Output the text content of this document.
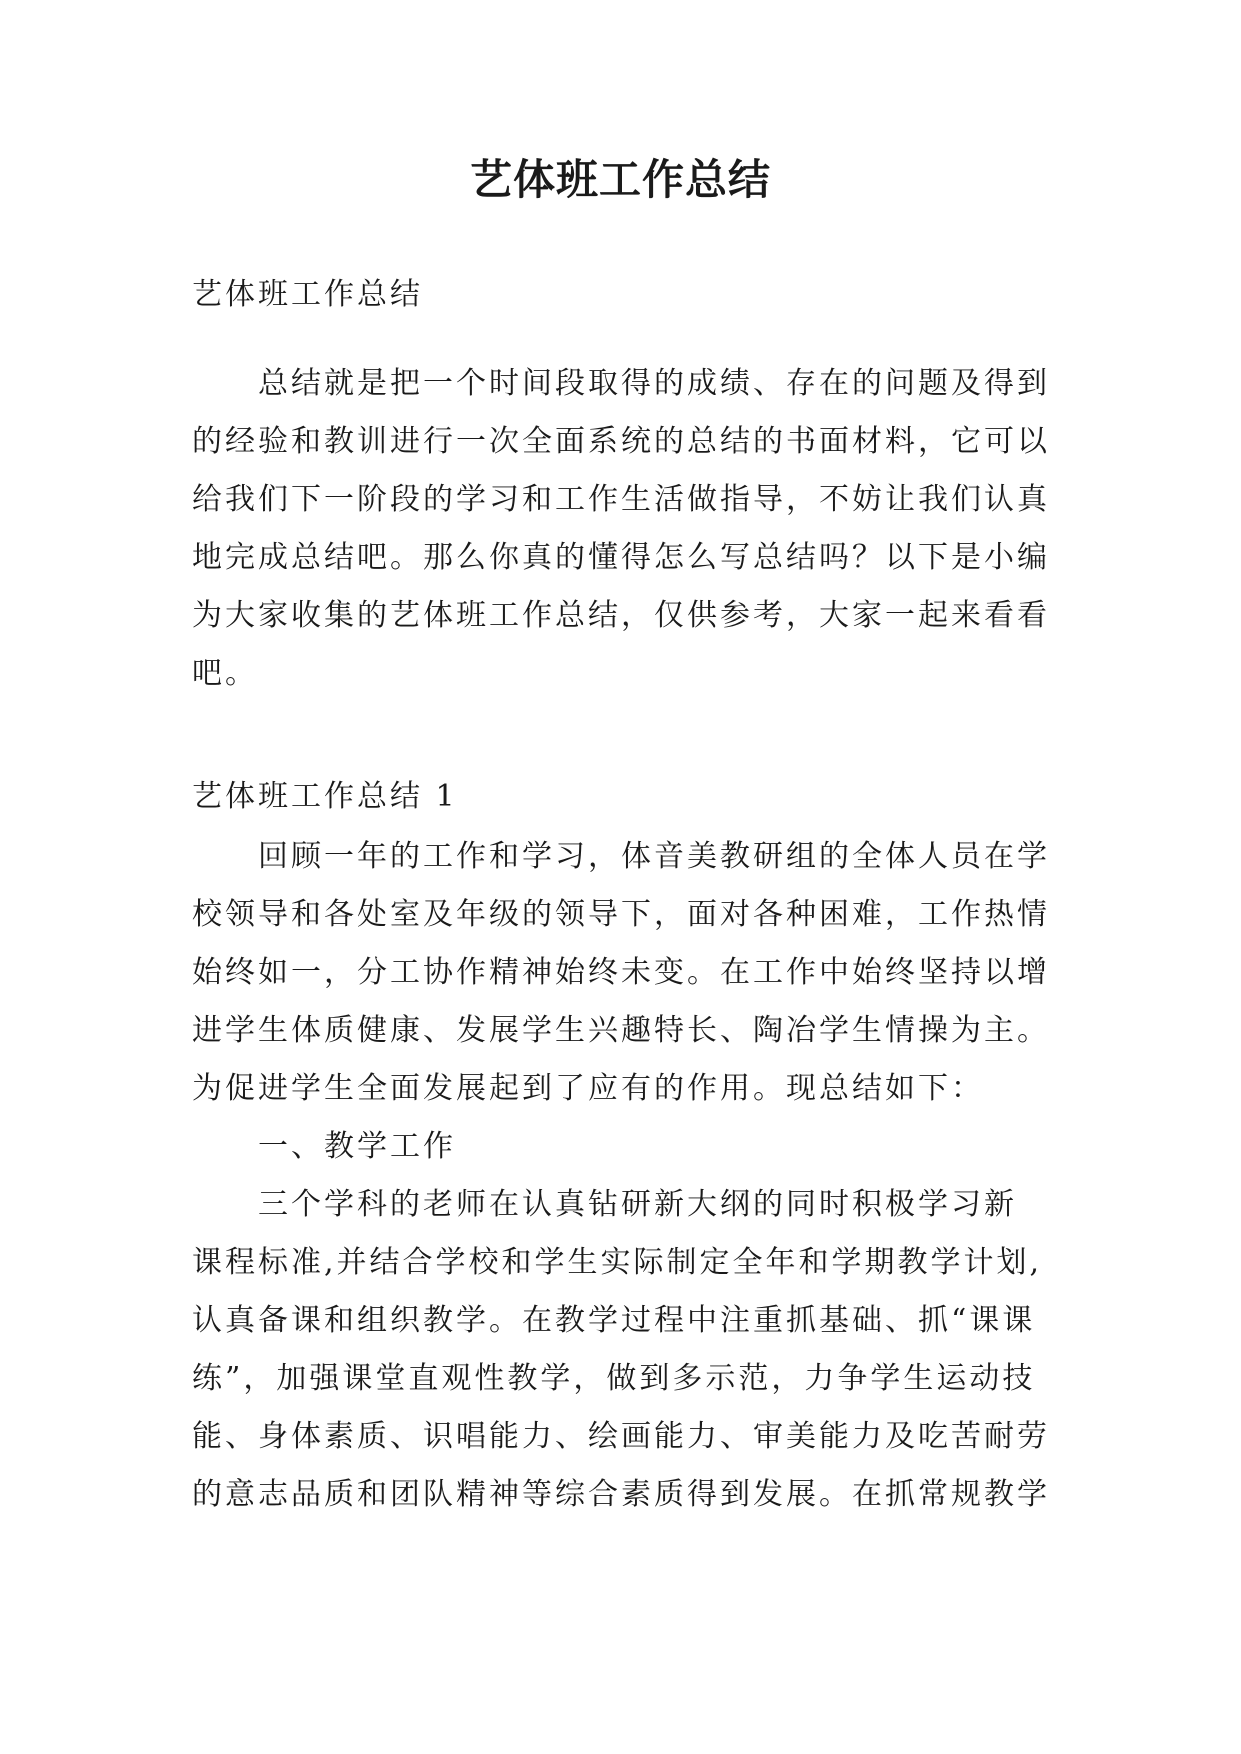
艺体班工作总结

艺体班工作总结

总结就是把一个时间段取得的成绩、存在的问题及得到
的经验和教训进行一次全面系统的总结的书面材料，它可以
给我们下一阶段的学习和工作生活做指导，不妨让我们认真
地完成总结吧。那么你真的懂得怎么写总结吗？以下是小编
为大家收集的艺体班工作总结，仅供参考，大家一起来看看
吧。

艺体班工作总结 1

回顾一年的工作和学习，体音美教研组的全体人员在学
校领导和各处室及年级的领导下，面对各种困难，工作热情
始终如一，分工协作精神始终未变。在工作中始终坚持以增
进学生体质健康、发展学生兴趣特长、陶冶学生情操为主。
为促进学生全面发展起到了应有的作用。现总结如下：

一、教学工作

三个学科的老师在认真钻研新大纲的同时积极学习新
课程标准,并结合学校和学生实际制定全年和学期教学计划,
认真备课和组织教学。在教学过程中注重抓基础、抓“课课
练”，加强课堂直观性教学，做到多示范，力争学生运动技
能、身体素质、识唱能力、绘画能力、审美能力及吃苦耐劳
的意志品质和团队精神等综合素质得到发展。在抓常规教学
